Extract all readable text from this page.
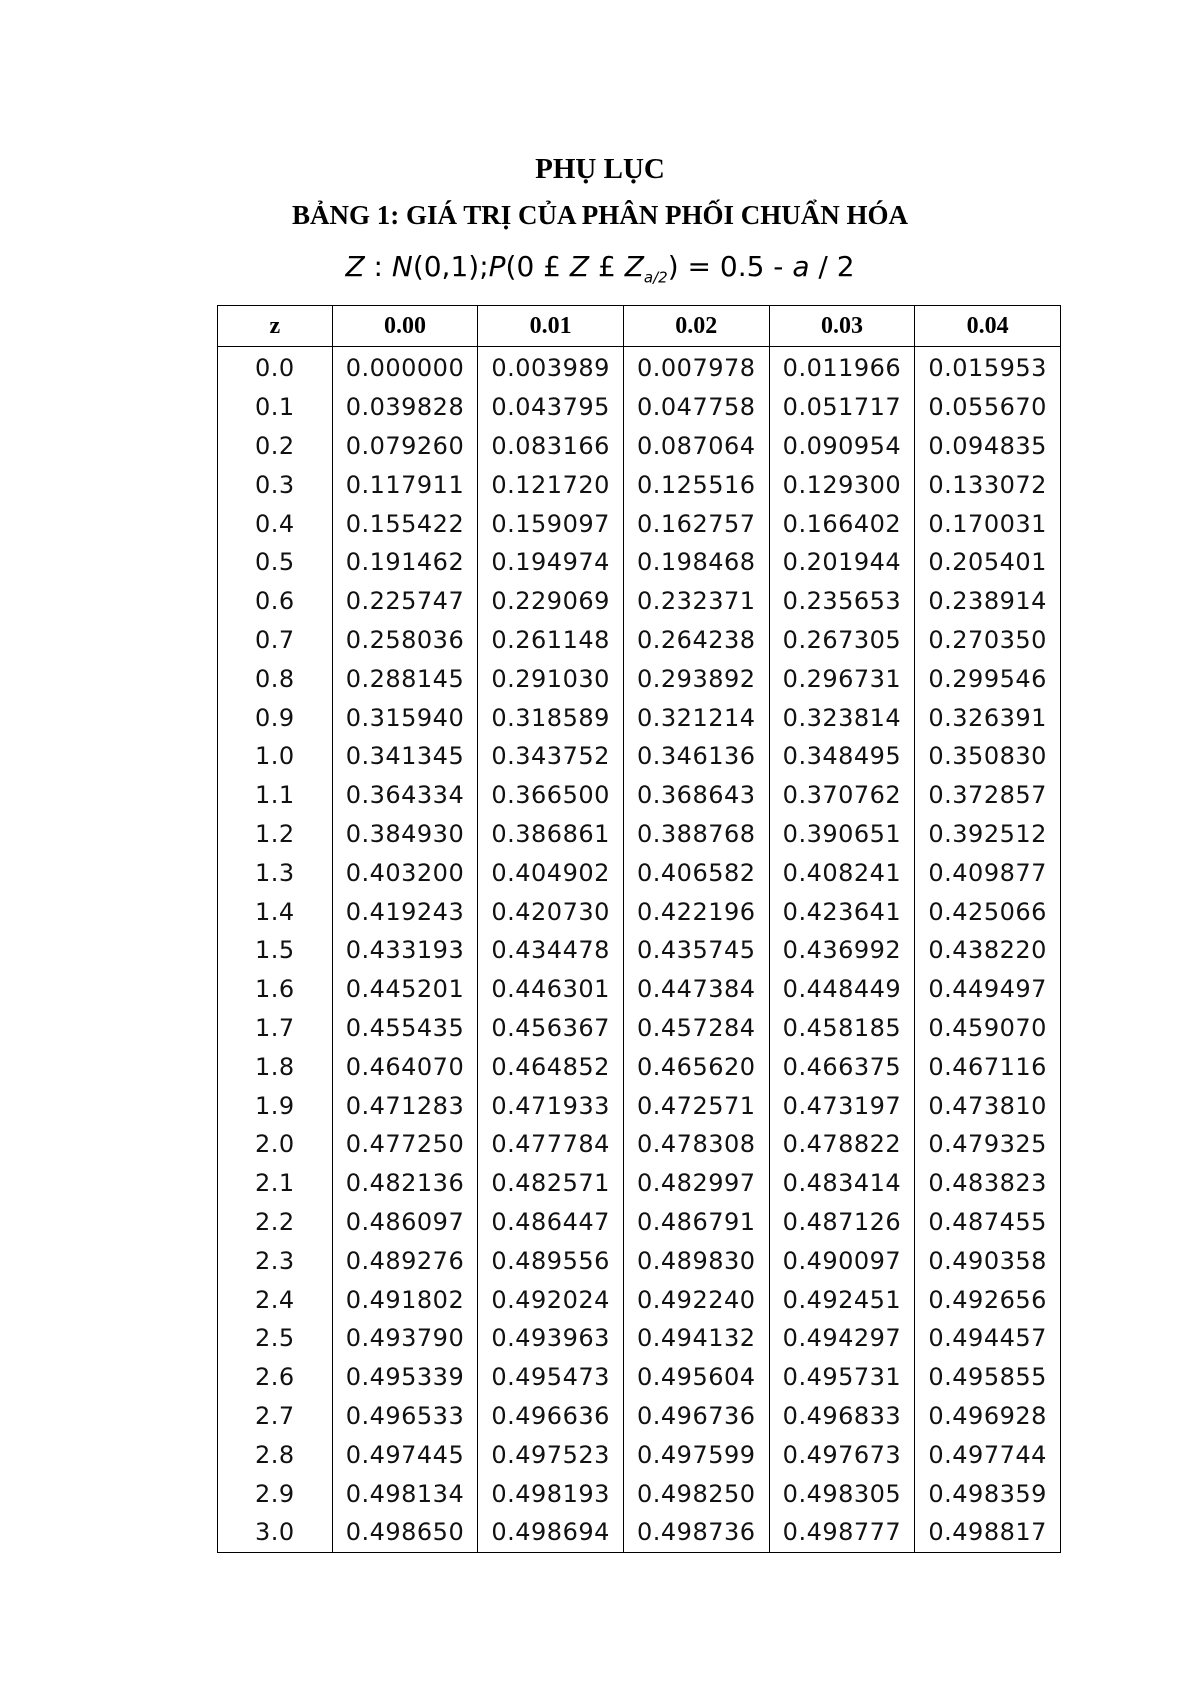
PHỤ LỤC
BẢNG 1: GIÁ TRỊ CỦA PHÂN PHỐI CHUẨN HÓA
Z : N(0,1);P(0 £ Z £ $Z_{a/2}) = 0.5 - a / 2$
z	0.00	0.01	0.02	0.03	0.04
0.0	0.000000	0.003989	0.007978	0.011966	0.015953
0.1	0.039828	0.043795	0.047758	0.051717	0.055670
0.2	0.079260	0.083166	0.087064	0.090954	0.094835
0.3	0.117911	0.121720	0.125516	0.129300	0.133072
0.4	0.155422	0.159097	0.162757	0.166402	0.170031
0.5	0.191462	0.194974	0.198468	0.201944	0.205401
0.6	0.225747	0.229069	0.232371	0.235653	0.238914
0.7	0.258036	0.261148	0.264238	0.267305	0.270350
0.8	0.288145	0.291030	0.293892	0.296731	0.299546
0.9	0.315940	0.318589	0.321214	0.323814	0.326391
1.0	0.341345	0.343752	0.346136	0.348495	0.350830
1.1	0.364334	0.366500	0.368643	0.370762	0.372857
1.2	0.384930	0.386861	0.388768	0.390651	0.392512
1.3	0.403200	0.404902	0.406582	0.408241	0.409877
1.4	0.419243	0.420730	0.422196	0.423641	0.425066
1.5	0.433193	0.434478	0.435745	0.436992	0.438220
1.6	0.445201	0.446301	0.447384	0.448449	0.449497
1.7	0.455435	0.456367	0.457284	0.458185	0.459070
1.8	0.464070	0.464852	0.465620	0.466375	0.467116
1.9	0.471283	0.471933	0.472571	0.473197	0.473810
2.0	0.477250	0.477784	0.478308	0.478822	0.479325
2.1	0.482136	0.482571	0.482997	0.483414	0.483823
2.2	0.486097	0.486447	0.486791	0.487126	0.487455
2.3	0.489276	0.489556	0.489830	0.490097	0.490358
2.4	0.491802	0.492024	0.492240	0.492451	0.492656
2.5	0.493790	0.493963	0.494132	0.494297	0.494457
2.6	0.495339	0.495473	0.495604	0.495731	0.495855
2.7	0.496533	0.496636	0.496736	0.496833	0.496928
2.8	0.497445	0.497523	0.497599	0.497673	0.497744
2.9	0.498134	0.498193	0.498250	0.498305	0.498359
3.0	0.498650	0.498694	0.498736	0.498777	0.498817
